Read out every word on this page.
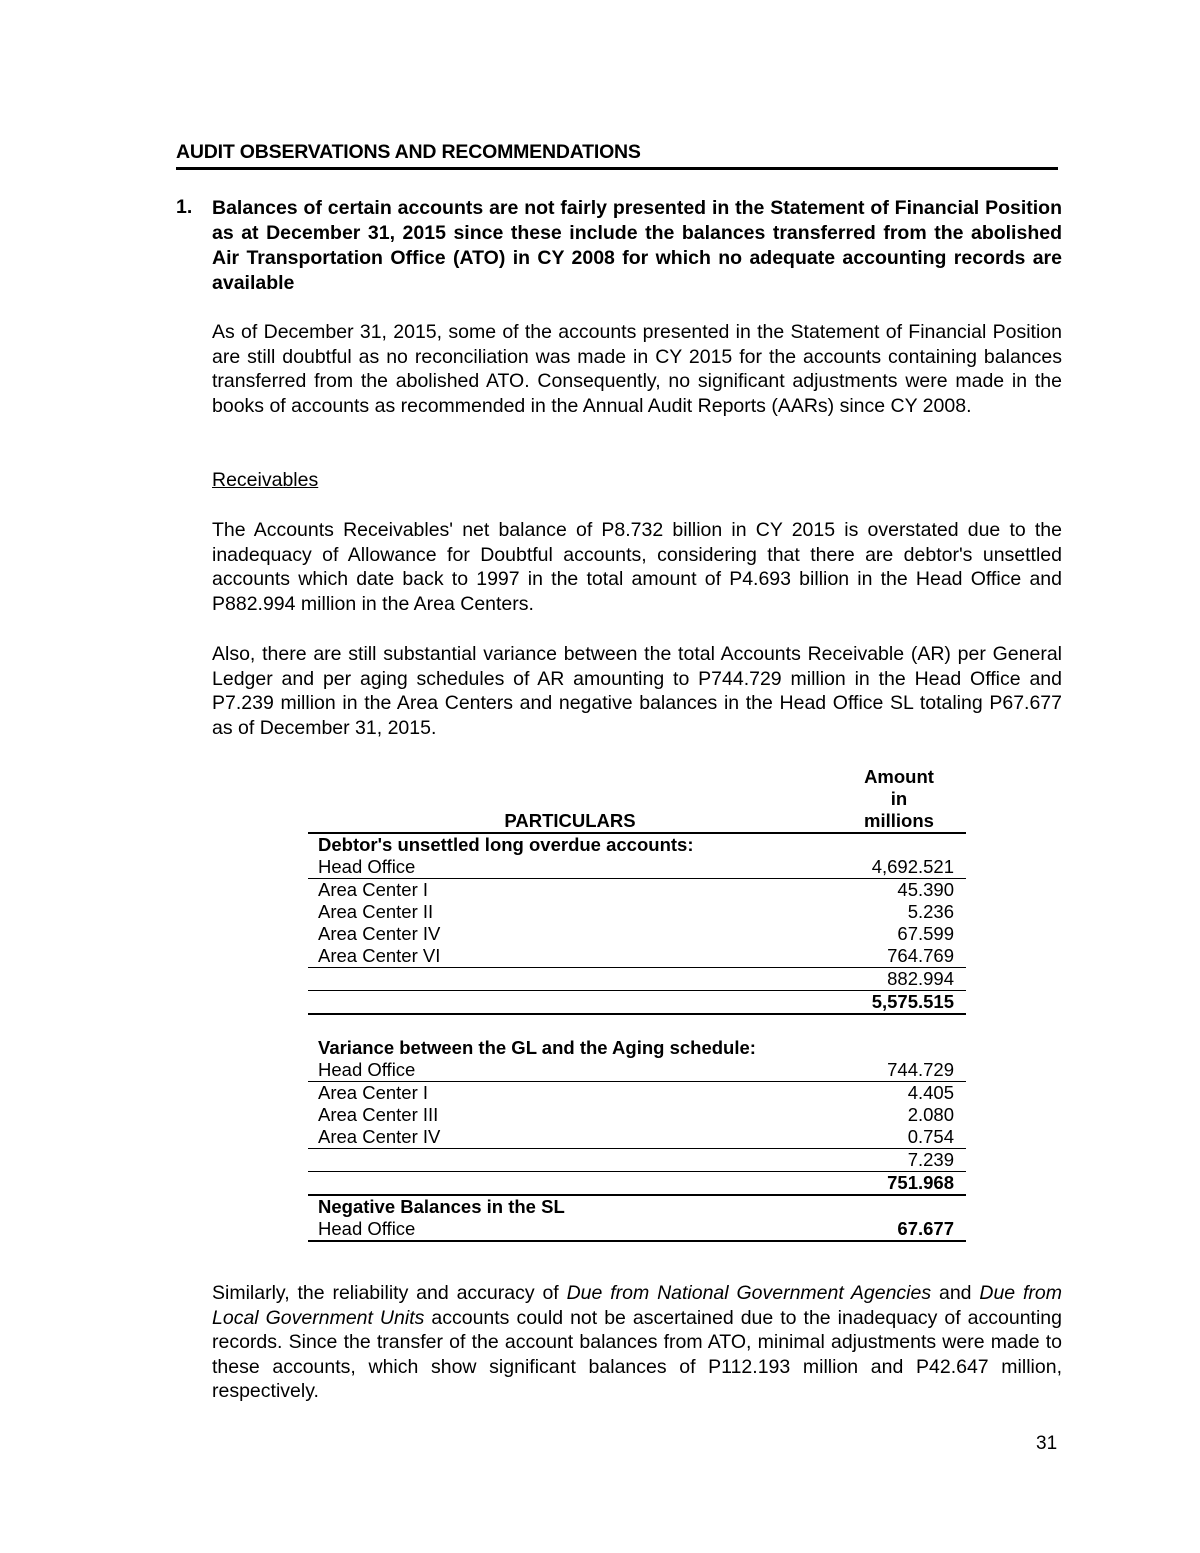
AUDIT OBSERVATIONS AND RECOMMENDATIONS
1. Balances of certain accounts are not fairly presented in the Statement of Financial Position as at December 31, 2015 since these include the balances transferred from the abolished Air Transportation Office (ATO) in CY 2008 for which no adequate accounting records are available
As of December 31, 2015, some of the accounts presented in the Statement of Financial Position are still doubtful as no reconciliation was made in CY 2015 for the accounts containing balances transferred from the abolished ATO. Consequently, no significant adjustments were made in the books of accounts as recommended in the Annual Audit Reports (AARs) since CY 2008.
Receivables
The Accounts Receivables' net balance of P8.732 billion in CY 2015 is overstated due to the inadequacy of Allowance for Doubtful accounts, considering that there are debtor's unsettled accounts which date back to 1997 in the total amount of P4.693 billion in the Head Office and P882.994 million in the Area Centers.
Also, there are still substantial variance between the total Accounts Receivable (AR) per General Ledger and per aging schedules of AR amounting to P744.729 million in the Head Office and P7.239 million in the Area Centers and negative balances in the Head Office SL totaling P67.677 as of December 31, 2015.
PARTICULARS	Amount
in
millions

Debtor's unsettled long overdue accounts:	
Head Office	4,692.521
Area Center I	45.390
Area Center II	5.236
Area Center IV	67.599
Area Center VI	764.769
	882.994
	5,575.515

Variance between the GL and the Aging schedule:	
Head Office	744.729
Area Center I	4.405
Area Center III	2.080
Area Center IV	0.754
	7.239
	751.968
Negative Balances in the SL	
Head Office	67.677
Similarly, the reliability and accuracy of Due from National Government Agencies and Due from Local Government Units accounts could not be ascertained due to the inadequacy of accounting records. Since the transfer of the account balances from ATO, minimal adjustments were made to these accounts, which show significant balances of P112.193 million and P42.647 million, respectively.
31
